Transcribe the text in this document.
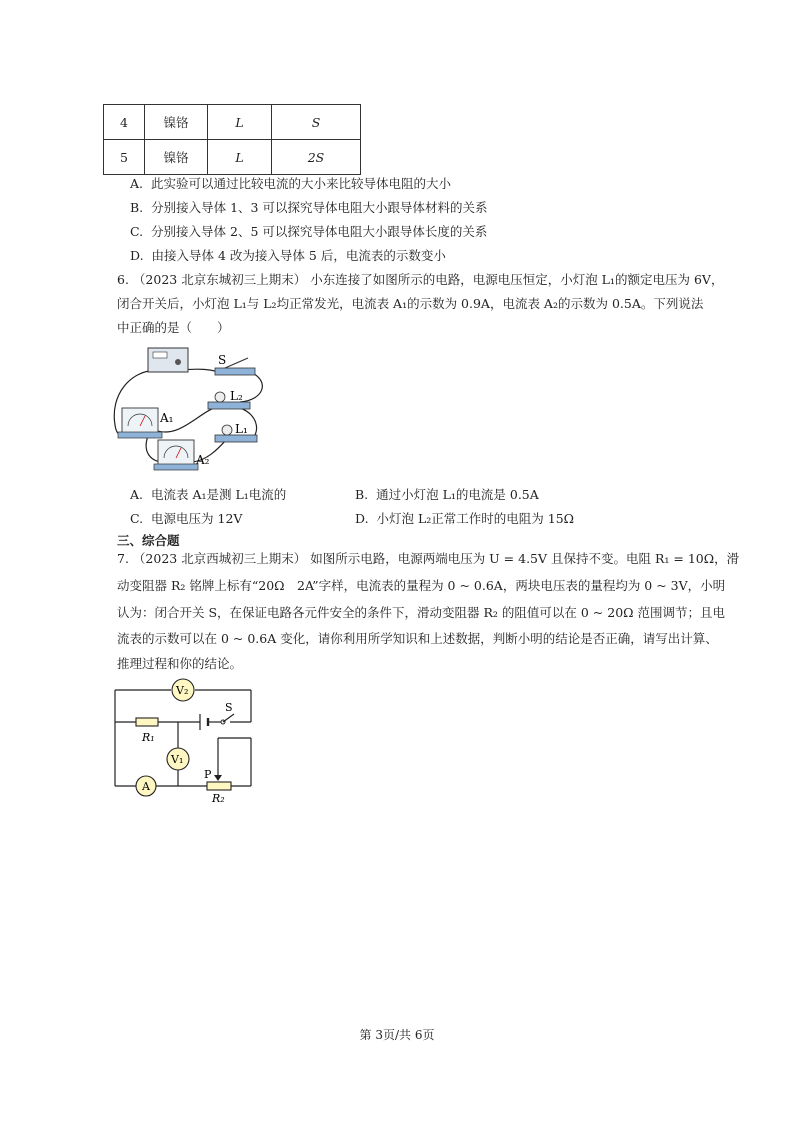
4	镍铬	L	S
5	镍铬	L	2S
A. 此实验可以通过比较电流的大小来比较导体电阻的大小
B. 分别接入导体 1、3 可以探究导体电阻大小跟导体材料的关系
C. 分别接入导体 2、5 可以探究导体电阻大小跟导体长度的关系
D. 由接入导体 4 改为接入导体 5 后，电流表的示数变小
6. （2023 北京东城初三上期末） 小东连接了如图所示的电路，电源电压恒定，小灯泡 L₁的额定电压为 6V，
闭合开关后，小灯泡 L₁与 L₂均正常发光，电流表 A₁的示数为 0.9A，电流表 A₂的示数为 0.5A。下列说法
中正确的是（　　）
S
L₂
L₁
A₁
A₂
A. 电流表 A₁是测 L₁电流的	B. 通过小灯泡 L₁的电流是 0.5A
C. 电源电压为 12V	D. 小灯泡 L₂正常工作时的电阻为 15Ω
三、综合题
7. （2023 北京西城初三上期末） 如图所示电路，电源两端电压为 U = 4.5V 且保持不变。电阻 R₁ = 10Ω，滑
动变阻器 R₂ 铭牌上标有“20Ω　2A”字样，电流表的量程为 0 ~ 0.6A，两块电压表的量程均为 0 ~ 3V，小明
认为：闭合开关 S，在保证电路各元件安全的条件下，滑动变阻器 R₂ 的阻值可以在 0 ~ 20Ω 范围调节；且电
流表的示数可以在 0 ~ 0.6A 变化，请你利用所学知识和上述数据，判断小明的结论是否正确，请写出计算、
推理过程和你的结论。
V₂
R₁
S
V₁
A
P
R₂
第 3页/共 6页
